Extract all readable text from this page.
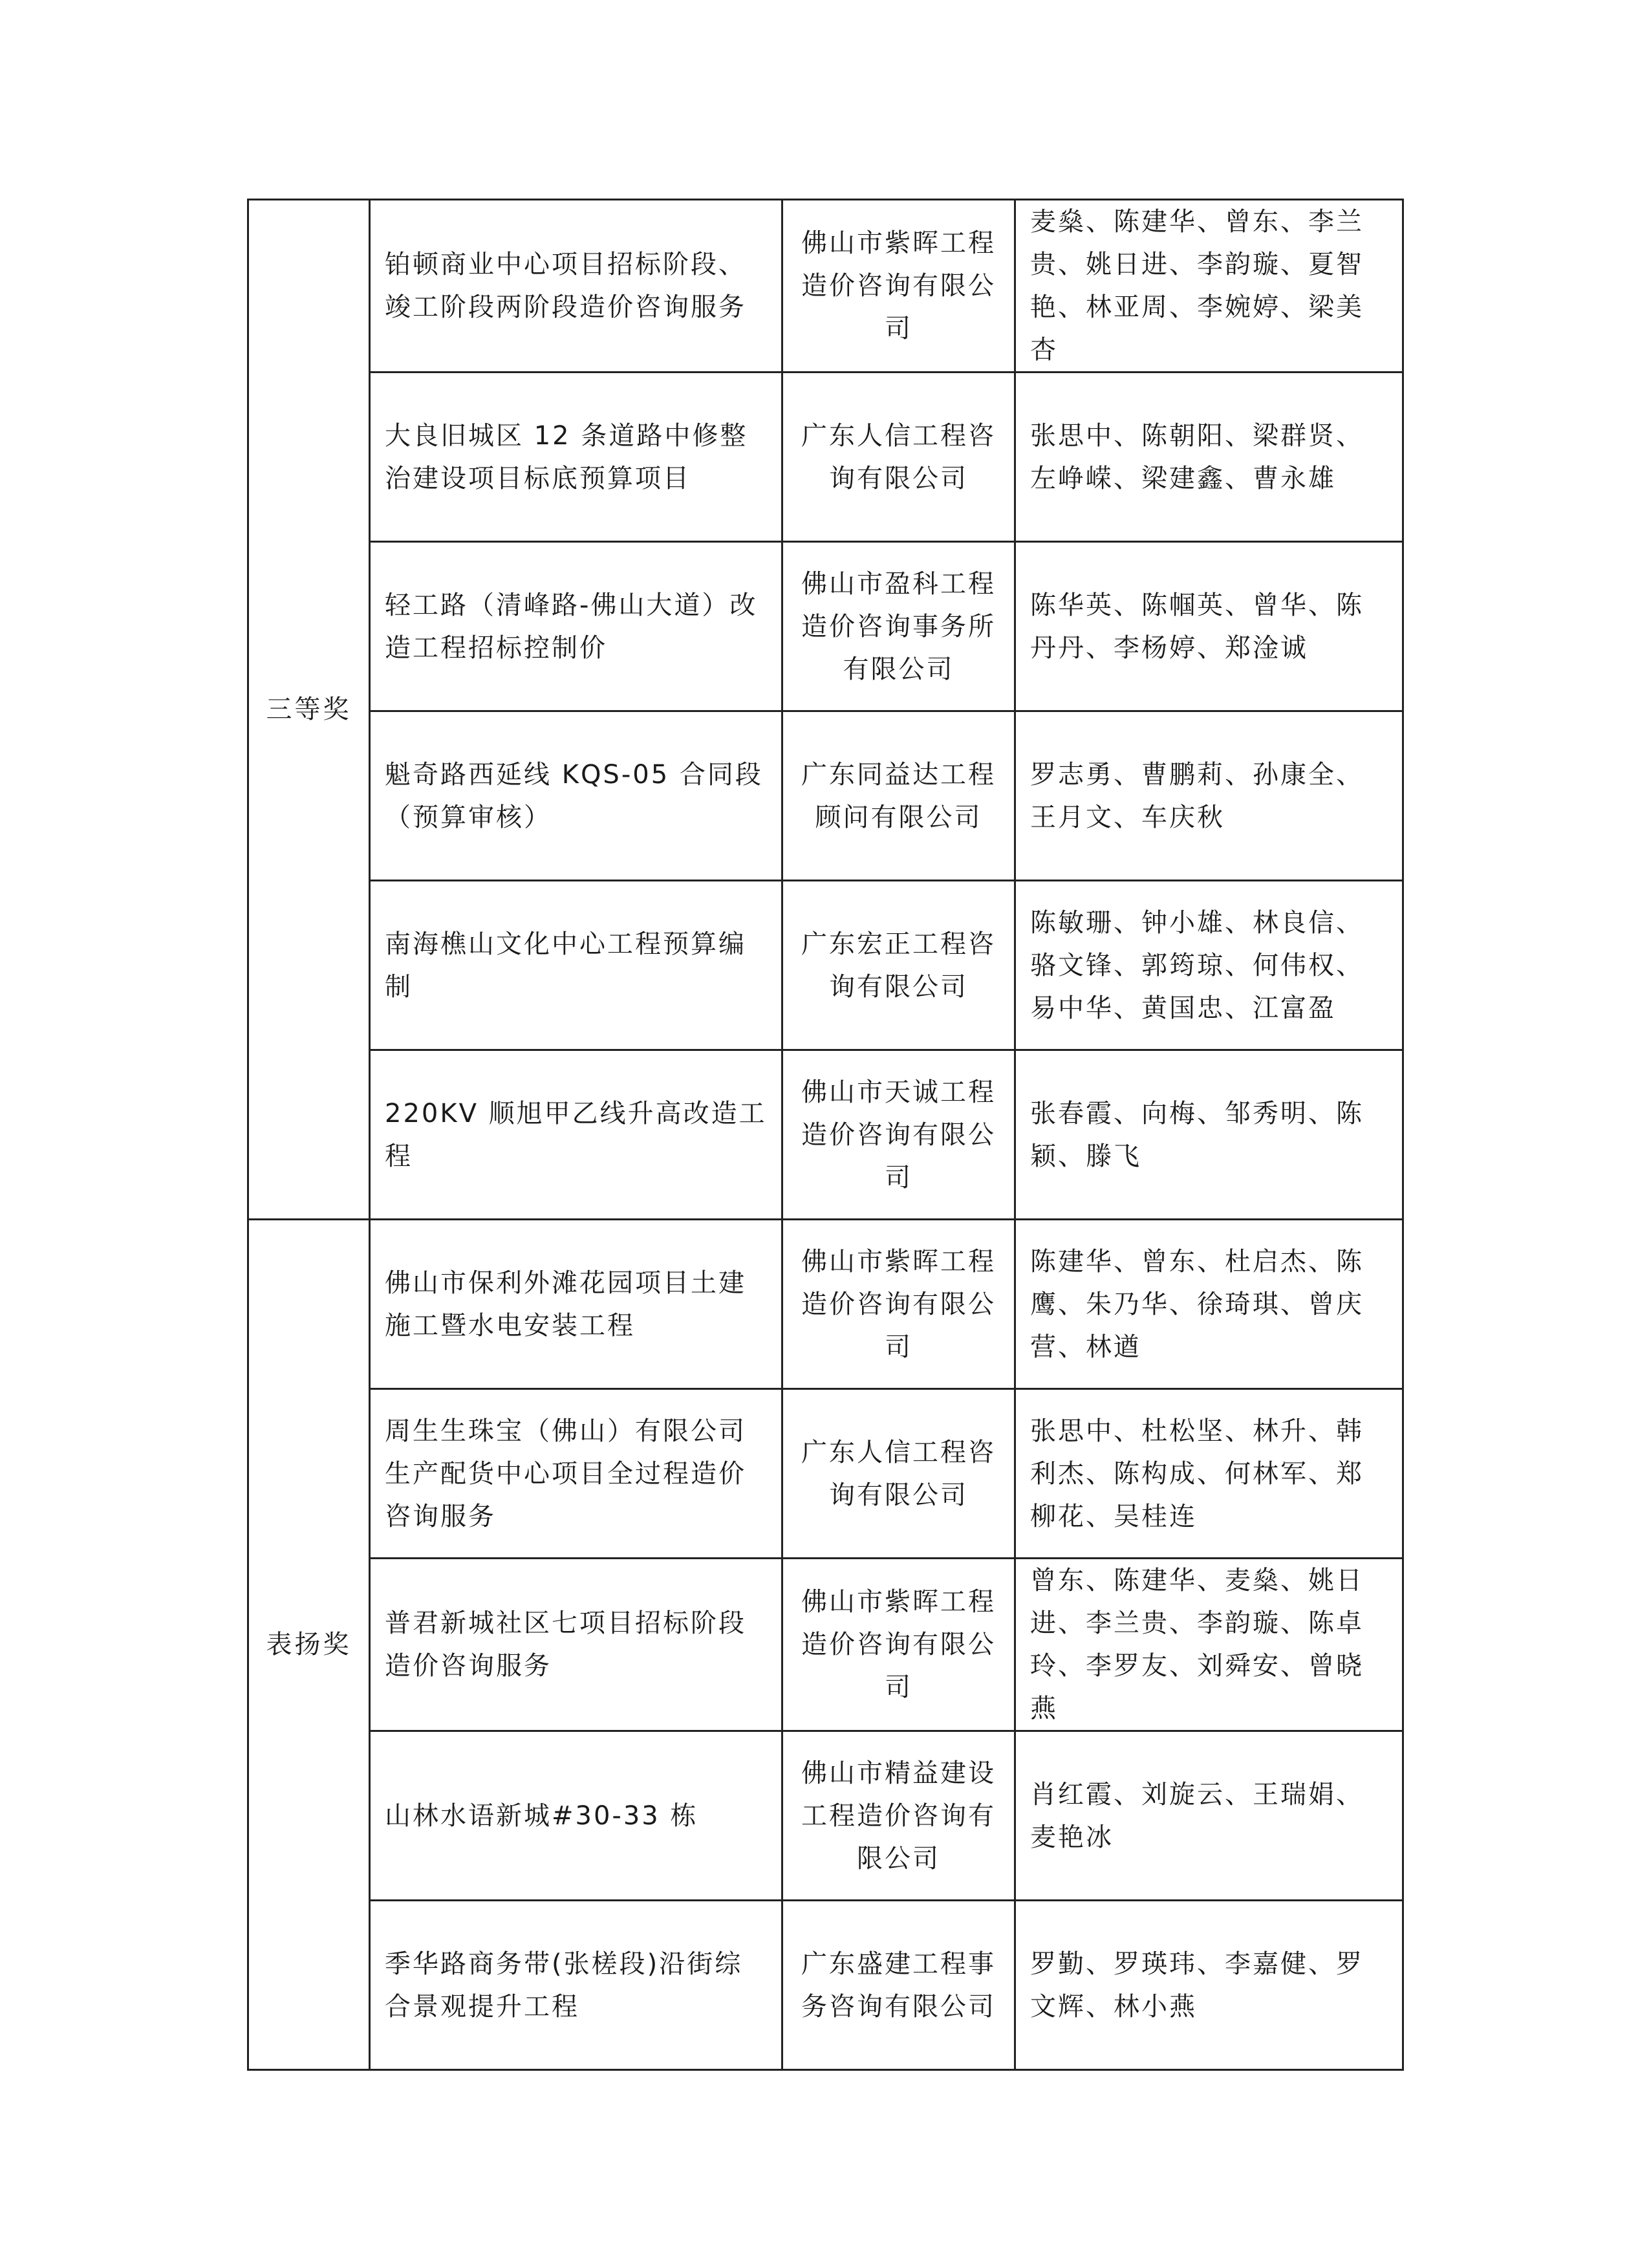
三等奖	铂顿商业中心项目招标阶段、竣工阶段两阶段造价咨询服务	佛山市紫晖工程造价咨询有限公司	麦燊、陈建华、曾东、李兰贵、姚日进、李韵璇、夏智艳、林亚周、李婉婷、梁美杏
	大良旧城区 12 条道路中修整治建设项目标底预算项目	广东人信工程咨询有限公司	张思中、陈朝阳、梁群贤、左峥嵘、梁建鑫、曹永雄
	轻工路（清峰路-佛山大道）改造工程招标控制价	佛山市盈科工程造价咨询事务所有限公司	陈华英、陈帼英、曾华、陈丹丹、李杨婷、郑淦诚
	魁奇路西延线 KQS-05 合同段（预算审核）	广东同益达工程顾问有限公司	罗志勇、曹鹏莉、孙康全、王月文、车庆秋
	南海樵山文化中心工程预算编制	广东宏正工程咨询有限公司	陈敏珊、钟小雄、林良信、骆文锋、郭筠琼、何伟权、易中华、黄国忠、江富盈
	220KV 顺旭甲乙线升高改造工程	佛山市天诚工程造价咨询有限公司	张春霞、向梅、邹秀明、陈颖、滕飞
表扬奖	佛山市保利外滩花园项目土建施工暨水电安装工程	佛山市紫晖工程造价咨询有限公司	陈建华、曾东、杜启杰、陈鹰、朱乃华、徐琦琪、曾庆营、林遒
	周生生珠宝（佛山）有限公司生产配货中心项目全过程造价咨询服务	广东人信工程咨询有限公司	张思中、杜松坚、林升、韩利杰、陈构成、何林军、郑柳花、吴桂连
	普君新城社区七项目招标阶段造价咨询服务	佛山市紫晖工程造价咨询有限公司	曾东、陈建华、麦燊、姚日进、李兰贵、李韵璇、陈卓玲、李罗友、刘舜安、曾晓燕
	山林水语新城#30-33 栋	佛山市精益建设工程造价咨询有限公司	肖红霞、刘旋云、王瑞娟、麦艳冰
	季华路商务带(张槎段)沿街综合景观提升工程	广东盛建工程事务咨询有限公司	罗勤、罗瑛玮、李嘉健、罗文辉、林小燕
